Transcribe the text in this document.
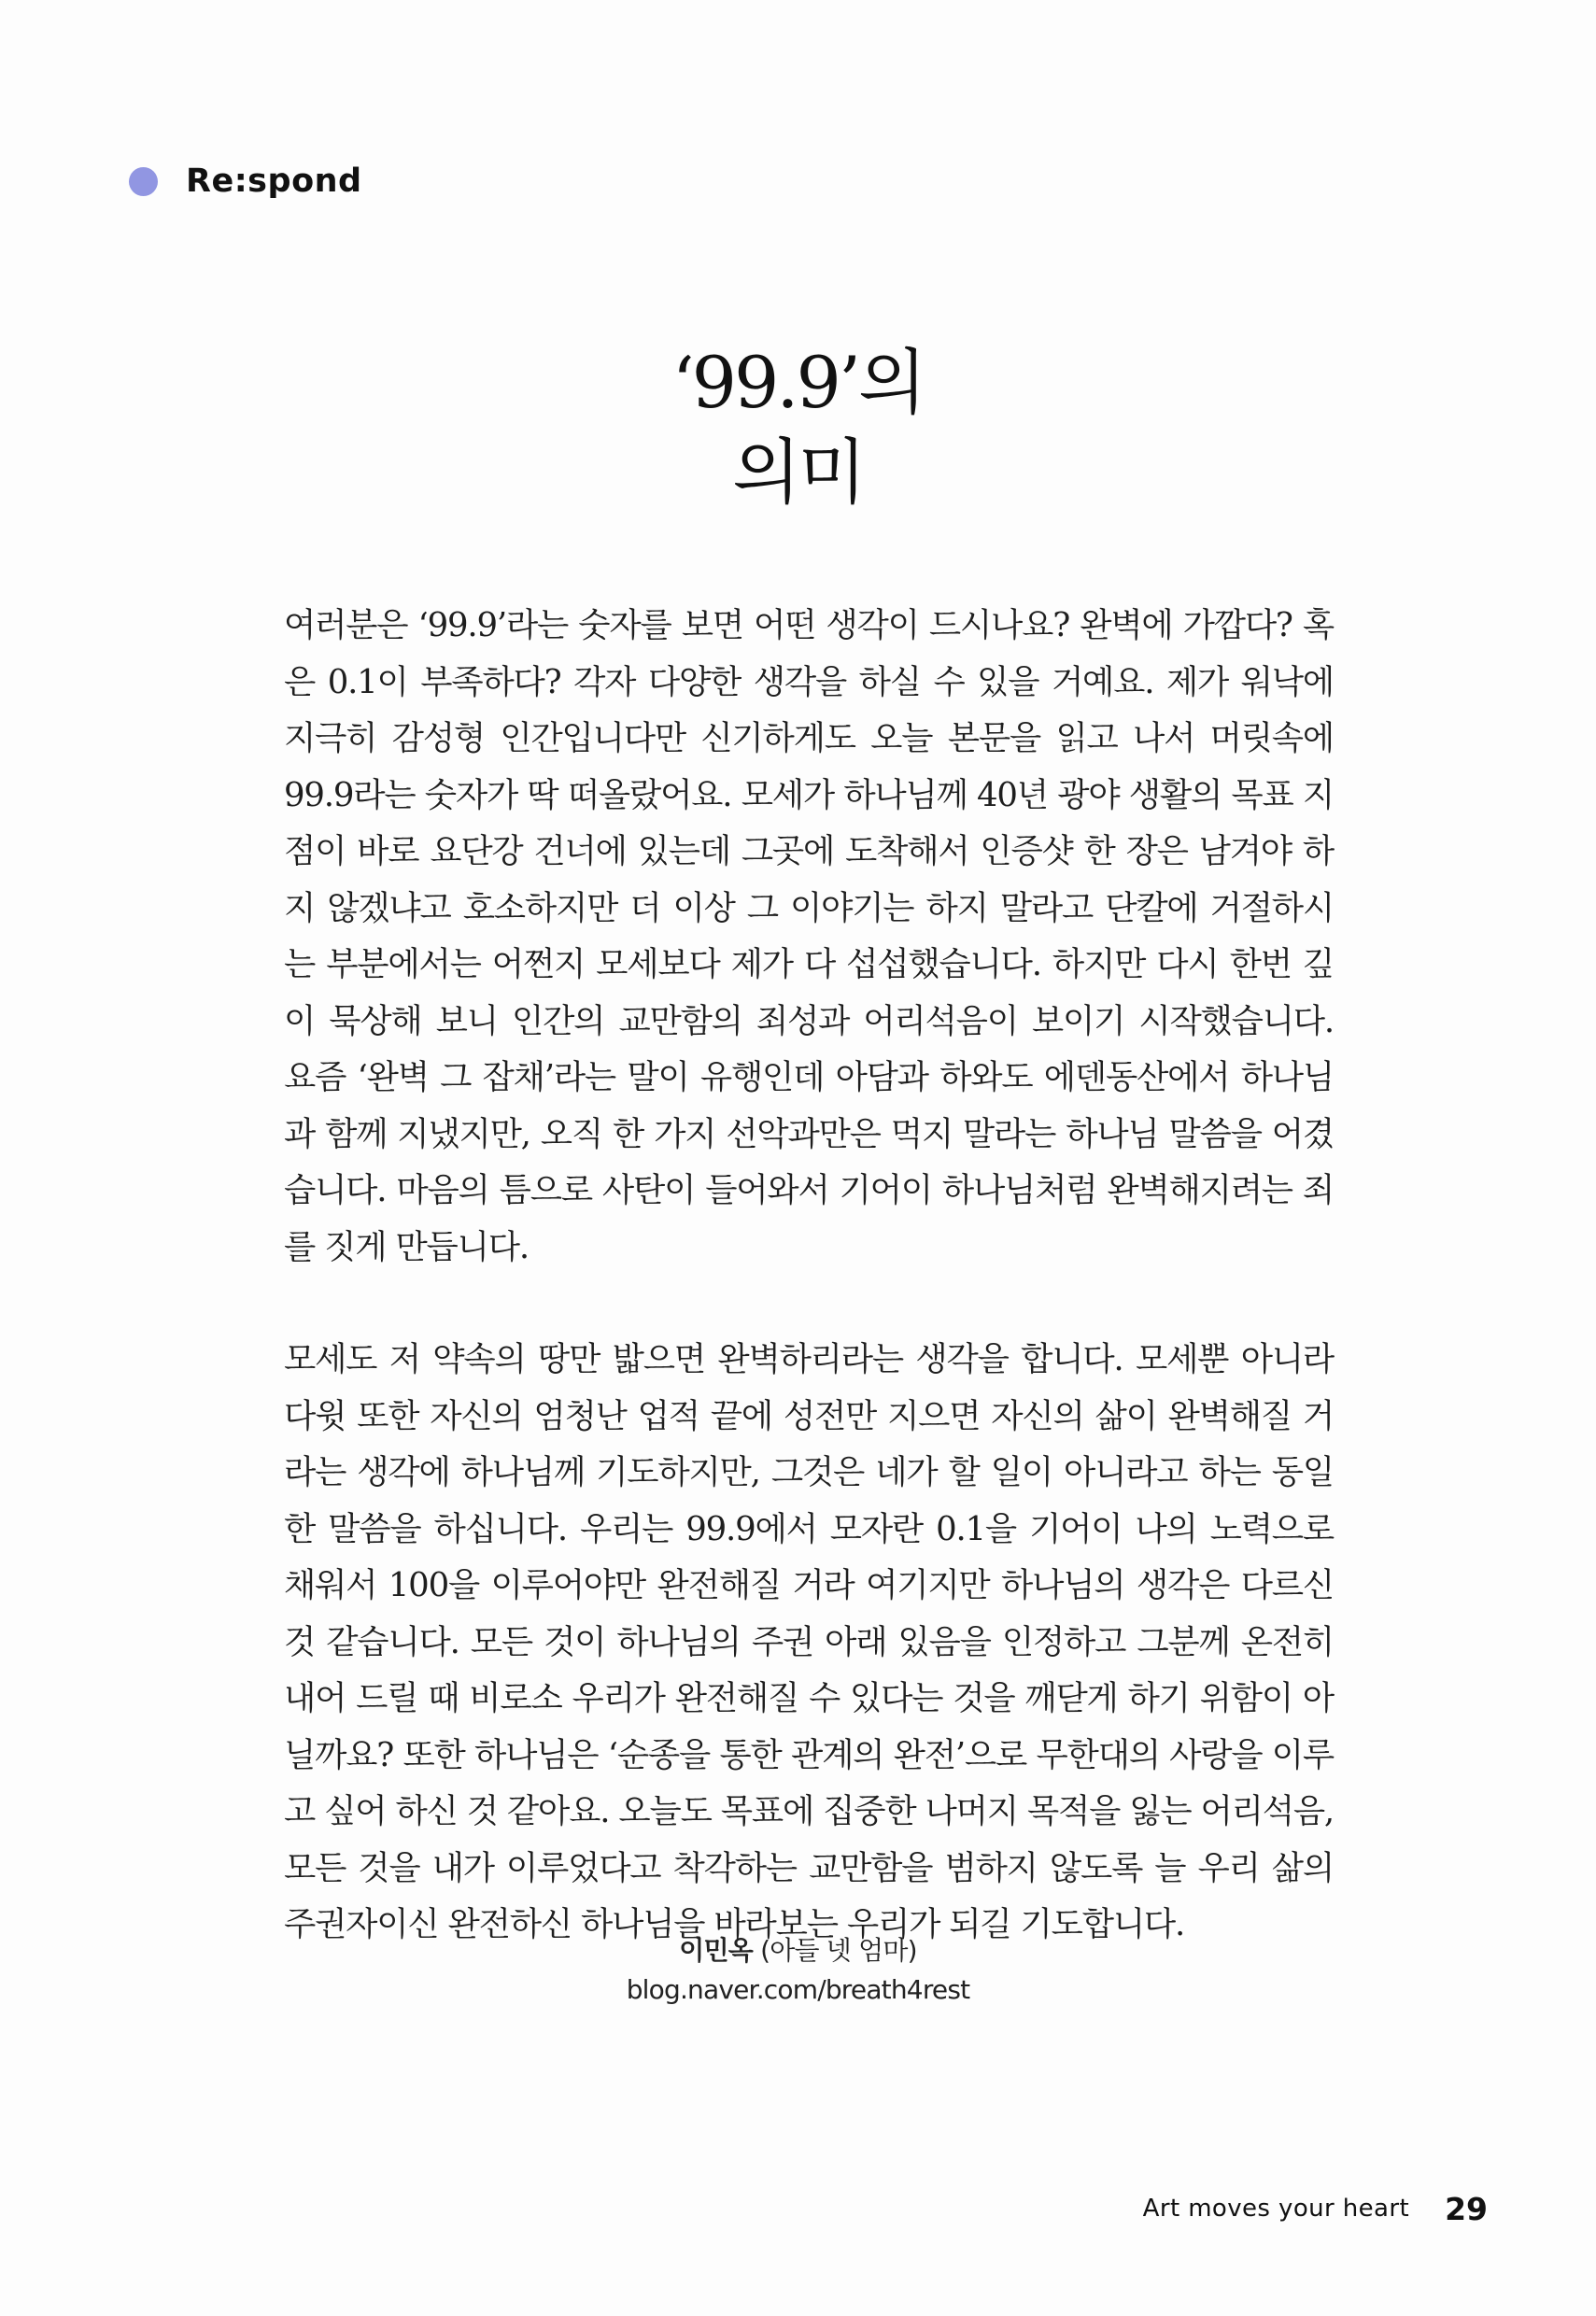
Re:spond
‘99.9’의
의미

여러분은 ‘99.9’라는 숫자를 보면 어떤 생각이 드시나요? 완벽에 가깝다? 혹은 0.1이 부족하다? 각자 다양한 생각을 하실 수 있을 거예요. 제가 워낙에 지극히 감성형 인간입니다만 신기하게도 오늘 본문을 읽고 나서 머릿속에 99.9라는 숫자가 딱 떠올랐어요. 모세가 하나님께 40년 광야 생활의 목표 지점이 바로 요단강 건너에 있는데 그곳에 도착해서 인증샷 한 장은 남겨야 하지 않겠냐고 호소하지만 더 이상 그 이야기는 하지 말라고 단칼에 거절하시는 부분에서는 어쩐지 모세보다 제가 다 섭섭했습니다. 하지만 다시 한번 깊이 묵상해 보니 인간의 교만함의 죄성과 어리석음이 보이기 시작했습니다. 요즘 ‘완벽 그 잡채’라는 말이 유행인데 아담과 하와도 에덴동산에서 하나님과 함께 지냈지만, 오직 한 가지 선악과만은 먹지 말라는 하나님 말씀을 어겼습니다. 마음의 틈으로 사탄이 들어와서 기어이 하나님처럼 완벽해지려는 죄를 짓게 만듭니다.

모세도 저 약속의 땅만 밟으면 완벽하리라는 생각을 합니다. 모세뿐 아니라 다윗 또한 자신의 엄청난 업적 끝에 성전만 지으면 자신의 삶이 완벽해질 거라는 생각에 하나님께 기도하지만, 그것은 네가 할 일이 아니라고 하는 동일한 말씀을 하십니다. 우리는 99.9에서 모자란 0.1을 기어이 나의 노력으로 채워서 100을 이루어야만 완전해질 거라 여기지만 하나님의 생각은 다르신 것 같습니다. 모든 것이 하나님의 주권 아래 있음을 인정하고 그분께 온전히 내어 드릴 때 비로소 우리가 완전해질 수 있다는 것을 깨닫게 하기 위함이 아닐까요? 또한 하나님은 ‘순종을 통한 관계의 완전’으로 무한대의 사랑을 이루고 싶어 하신 것 같아요. 오늘도 목표에 집중한 나머지 목적을 잃는 어리석음, 모든 것을 내가 이루었다고 착각하는 교만함을 범하지 않도록 늘 우리 삶의 주권자이신 완전하신 하나님을 바라보는 우리가 되길 기도합니다.

이민옥 (아들 넷 엄마)
blog.naver.com/breath4rest
Art moves your heart 29
